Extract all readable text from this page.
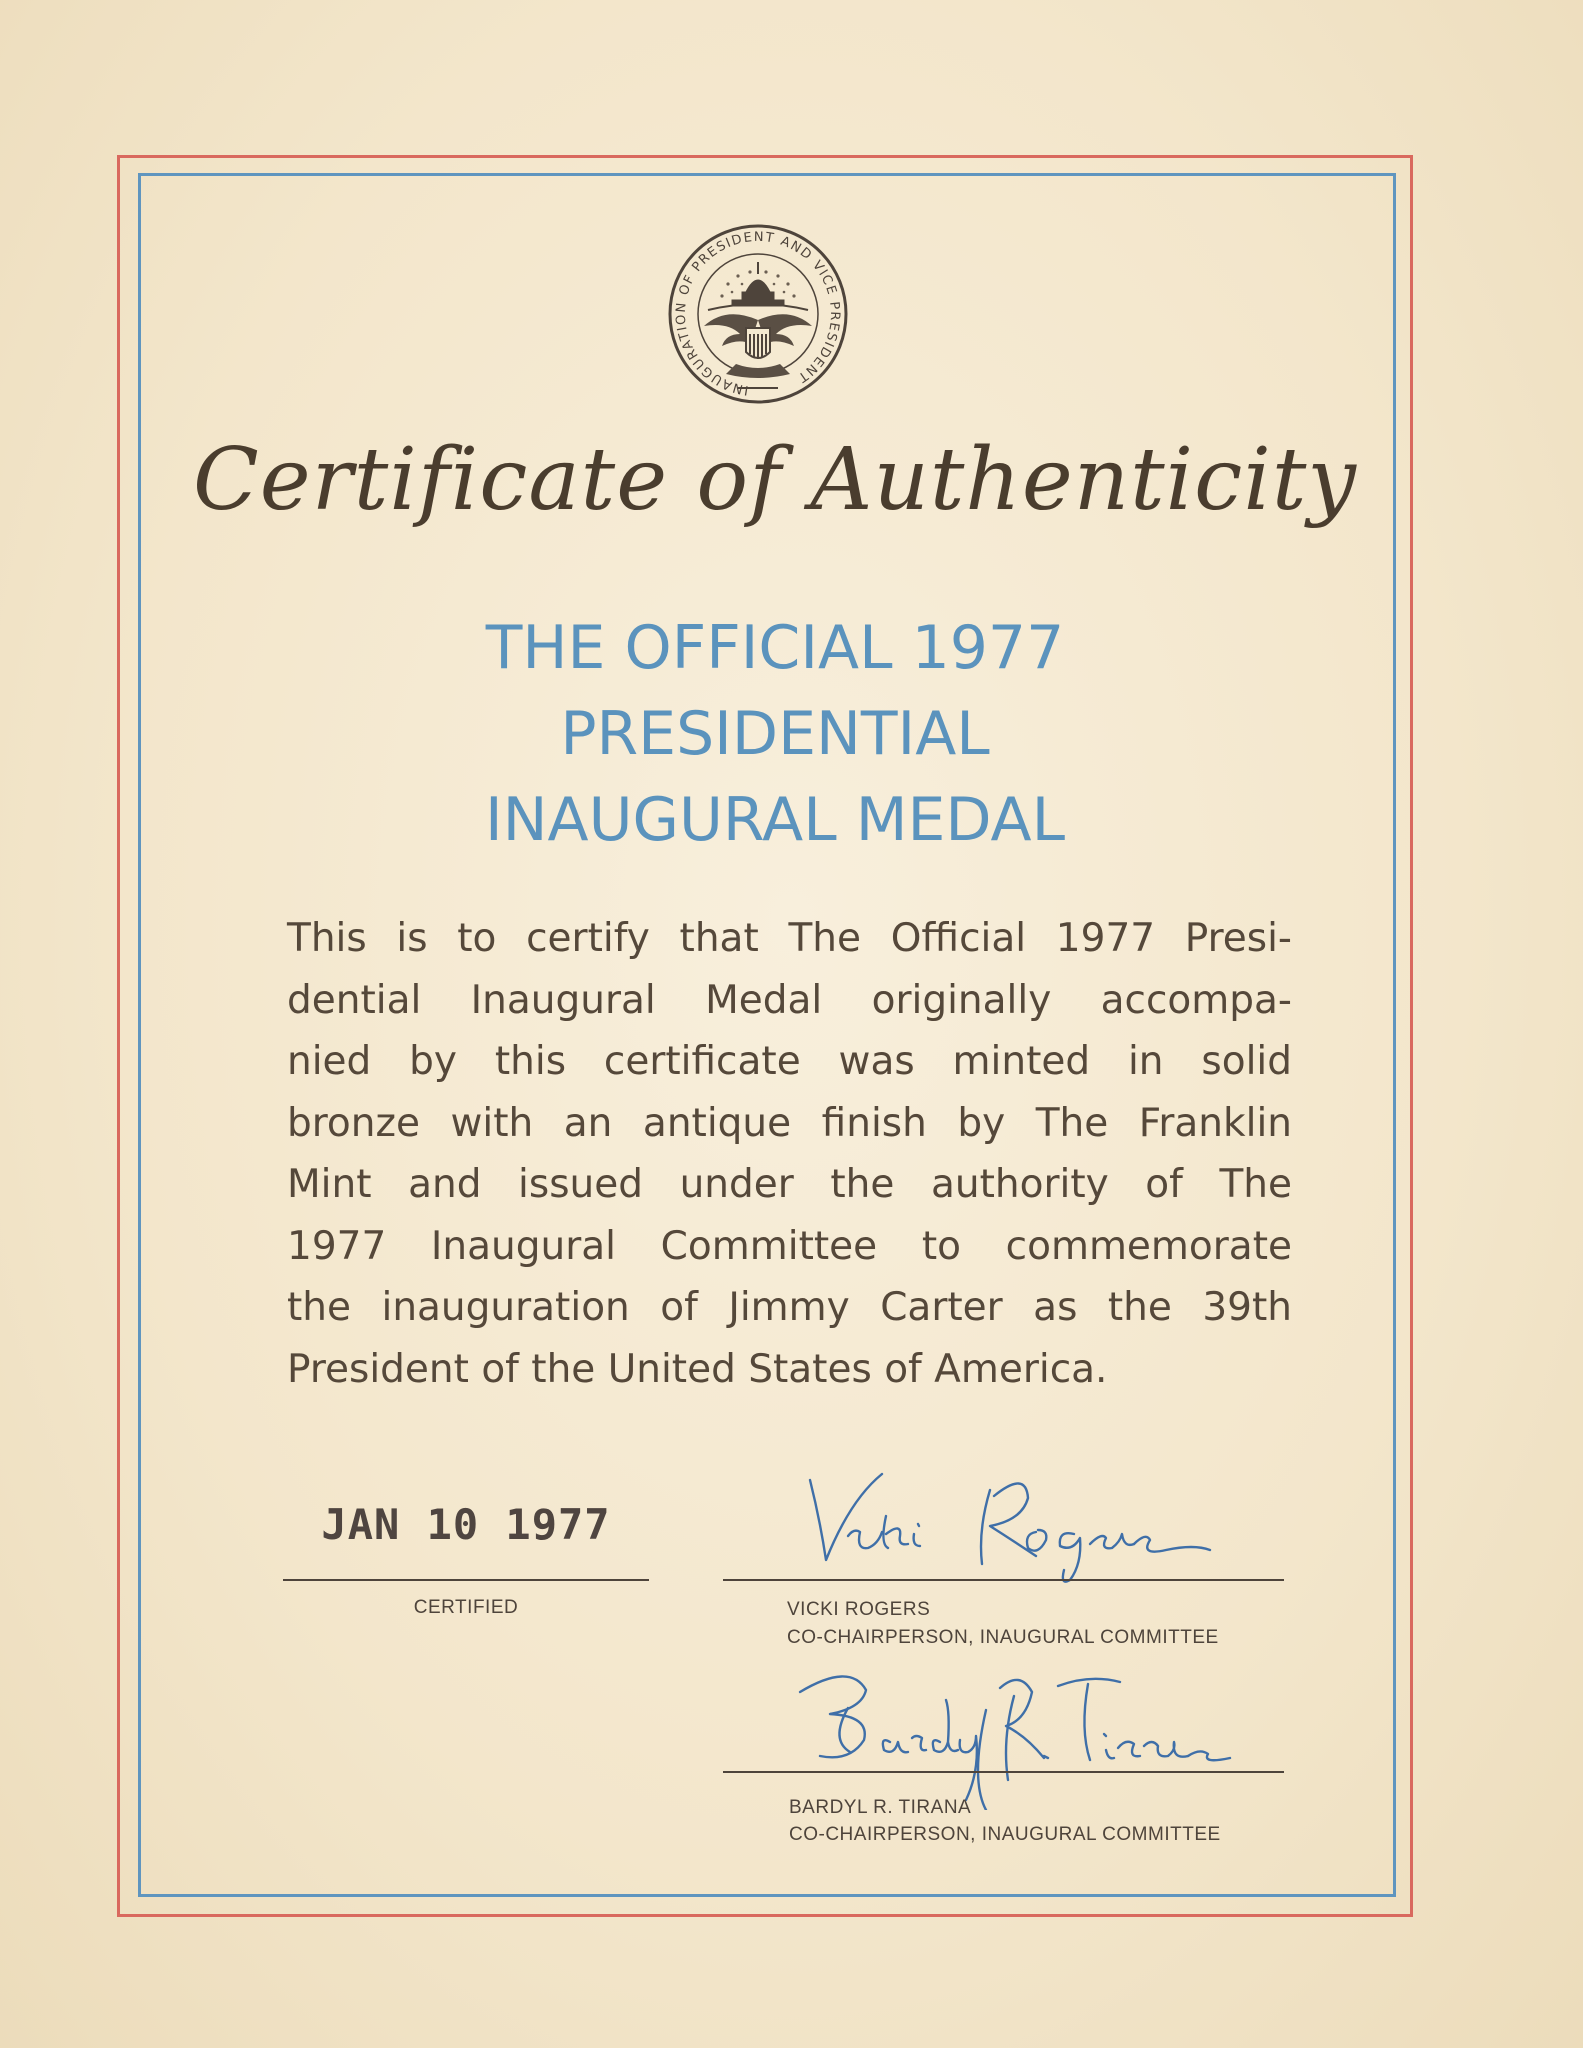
INAUGURATION OF PRESIDENT AND VICE PRESIDENT
Certificate of Authenticity
THE OFFICIAL 1977
PRESIDENTIAL
INAUGURAL MEDAL
This is to certify that The Official 1977 Presi-
dential Inaugural Medal originally accompa-
nied by this certificate was minted in solid
bronze with an antique finish by The Franklin
Mint and issued under the authority of The
1977 Inaugural Committee to commemorate
the inauguration of Jimmy Carter as the 39th
President of the United States of America.
JAN 10 1977
CERTIFIED	VICKI ROGERS
CO-CHAIRPERSON, INAUGURAL COMMITTEE
BARDYL R. TIRANA
CO-CHAIRPERSON, INAUGURAL COMMITTEE
